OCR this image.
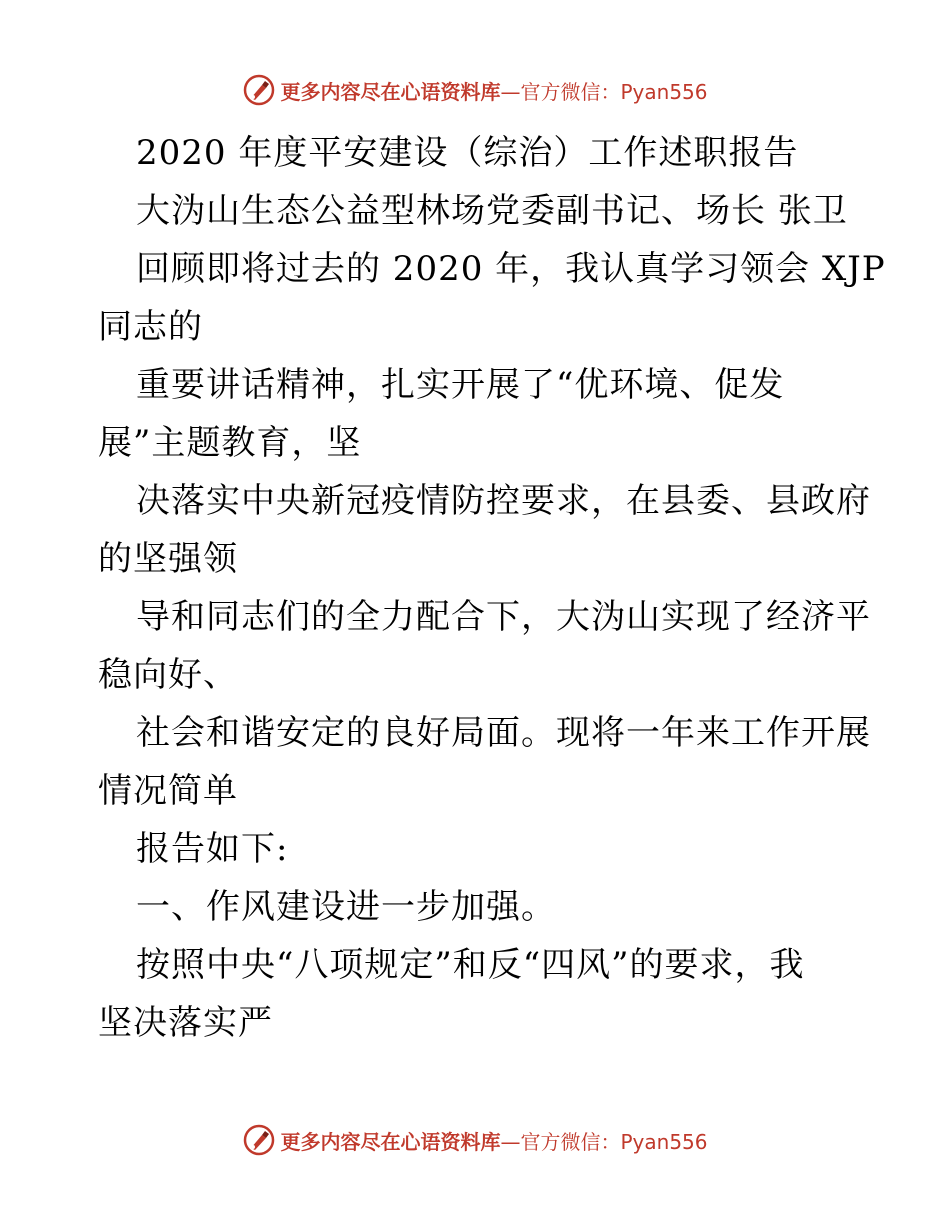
更多内容尽在心语资料库—官方微信：Pyan556
2020 年度平安建设（综治）工作述职报告
大沩山生态公益型林场党委副书记、场长 张卫
回顾即将过去的 2020 年，我认真学习领会 XJP
同志的
重要讲话精神，扎实开展了“优环境、促发
展”主题教育，坚
决落实中央新冠疫情防控要求，在县委、县政府
的坚强领
导和同志们的全力配合下，大沩山实现了经济平
稳向好、
社会和谐安定的良好局面。现将一年来工作开展
情况简单
报告如下:
一、作风建设进一步加强。
按照中央“八项规定”和反“四风”的要求，我
坚决落实严
更多内容尽在心语资料库—官方微信：Pyan556
